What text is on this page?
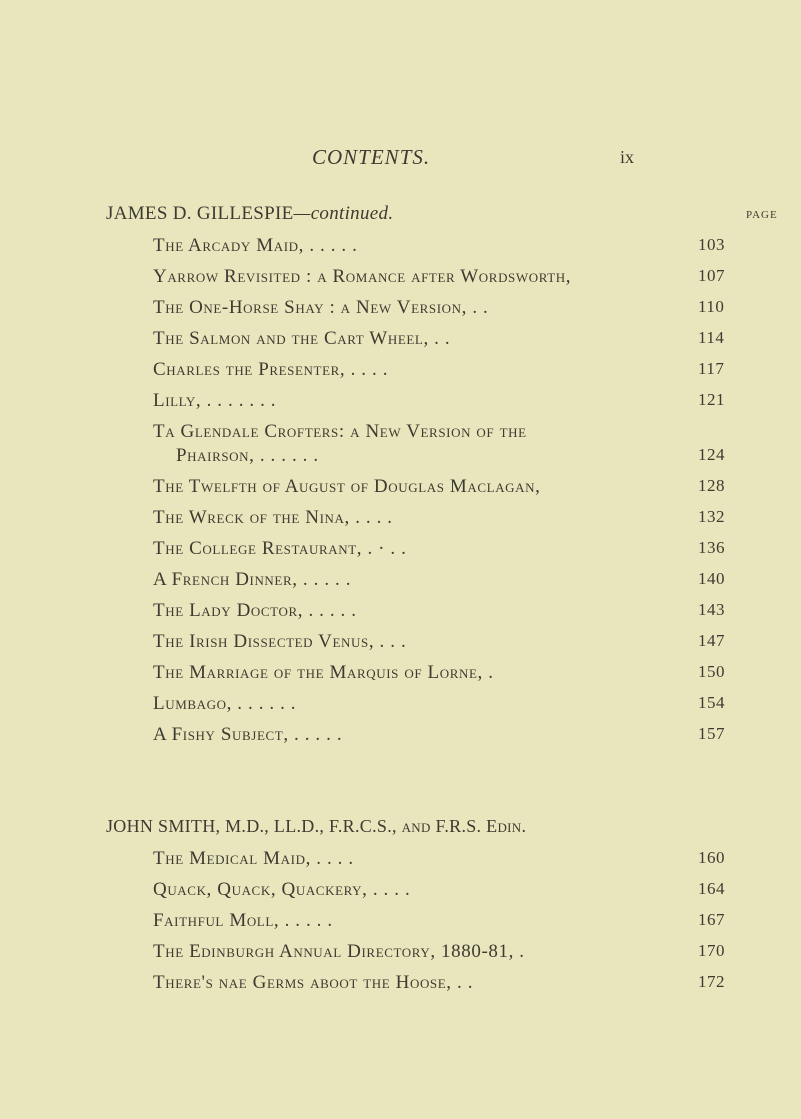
CONTENTS.	ix
JAMES D. GILLESPIE—continued.	PAGE
The Arcady Maid, . . . . .	103
Yarrow Revisited : a Romance after Wordsworth,	107
The One-Horse Shay : a New Version, . .	110
The Salmon and the Cart Wheel, . .	114
Charles the Presenter, . . . .	117
Lilly, . . . . . . .	121
Ta Glendale Crofters: a New Version of the
Phairson, . . . . . .	124
The Twelfth of August of Douglas Maclagan,	128
The Wreck of the Nina, . . . .	132
The College Restaurant, . · . .	136
A French Dinner, . . . . .	140
The Lady Doctor, . . . . .	143
The Irish Dissected Venus, . . .	147
The Marriage of the Marquis of Lorne, .	150
Lumbago, . . . . . .	154
A Fishy Subject, . . . . .	157
JOHN SMITH, M.D., LL.D., F.R.C.S., and F.R.S. Edin.
The Medical Maid, . . . .	160
Quack, Quack, Quackery, . . . .	164
Faithful Moll, . . . . .	167
The Edinburgh Annual Directory, 1880-81, .	170
There's nae Germs aboot the Hoose, . .	172
